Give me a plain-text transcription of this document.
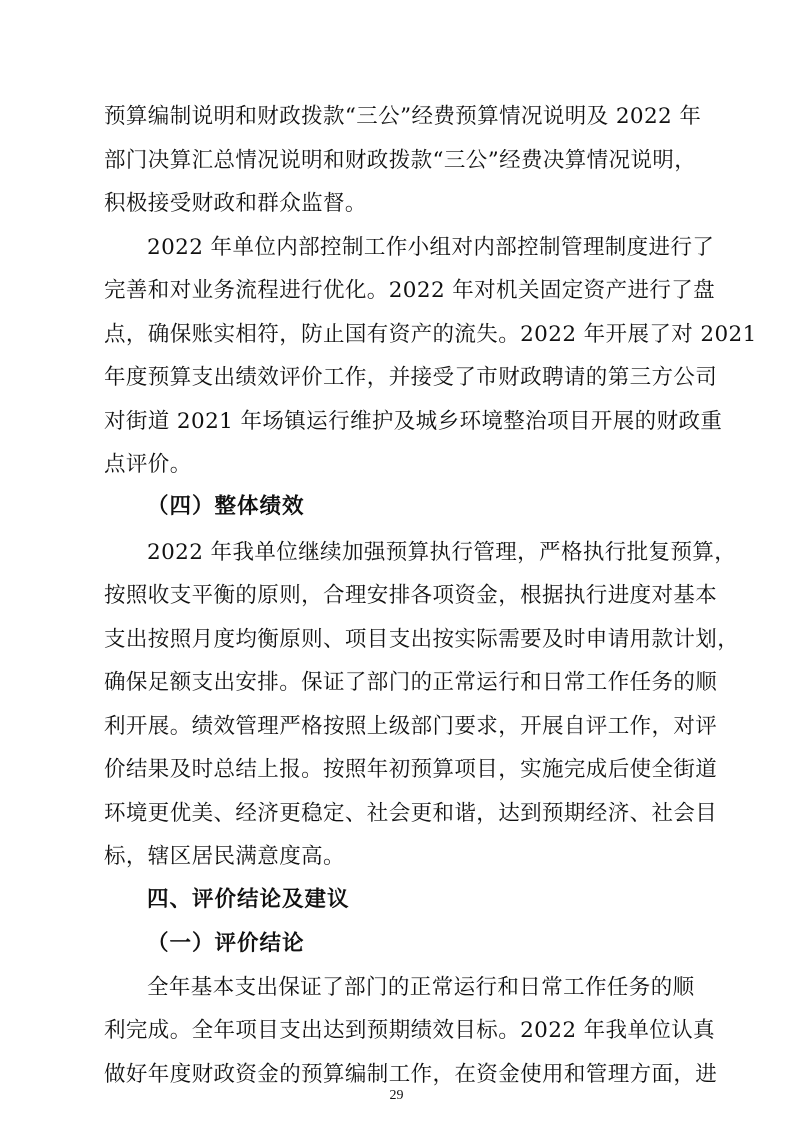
预算编制说明和财政拨款“三公”经费预算情况说明及 2022 年
部门决算汇总情况说明和财政拨款“三公”经费决算情况说明，
积极接受财政和群众监督。
2022 年单位内部控制工作小组对内部控制管理制度进行了
完善和对业务流程进行优化。2022 年对机关固定资产进行了盘
点，确保账实相符，防止国有资产的流失。2022 年开展了对 2021
年度预算支出绩效评价工作，并接受了市财政聘请的第三方公司
对街道 2021 年场镇运行维护及城乡环境整治项目开展的财政重
点评价。
（四）整体绩效
2022 年我单位继续加强预算执行管理，严格执行批复预算，
按照收支平衡的原则，合理安排各项资金，根据执行进度对基本
支出按照月度均衡原则、项目支出按实际需要及时申请用款计划，
确保足额支出安排。保证了部门的正常运行和日常工作任务的顺
利开展。绩效管理严格按照上级部门要求，开展自评工作，对评
价结果及时总结上报。按照年初预算项目，实施完成后使全街道
环境更优美、经济更稳定、社会更和谐，达到预期经济、社会目
标，辖区居民满意度高。
四、评价结论及建议
（一）评价结论
全年基本支出保证了部门的正常运行和日常工作任务的顺
利完成。全年项目支出达到预期绩效目标。2022 年我单位认真
做好年度财政资金的预算编制工作，在资金使用和管理方面，进
29
